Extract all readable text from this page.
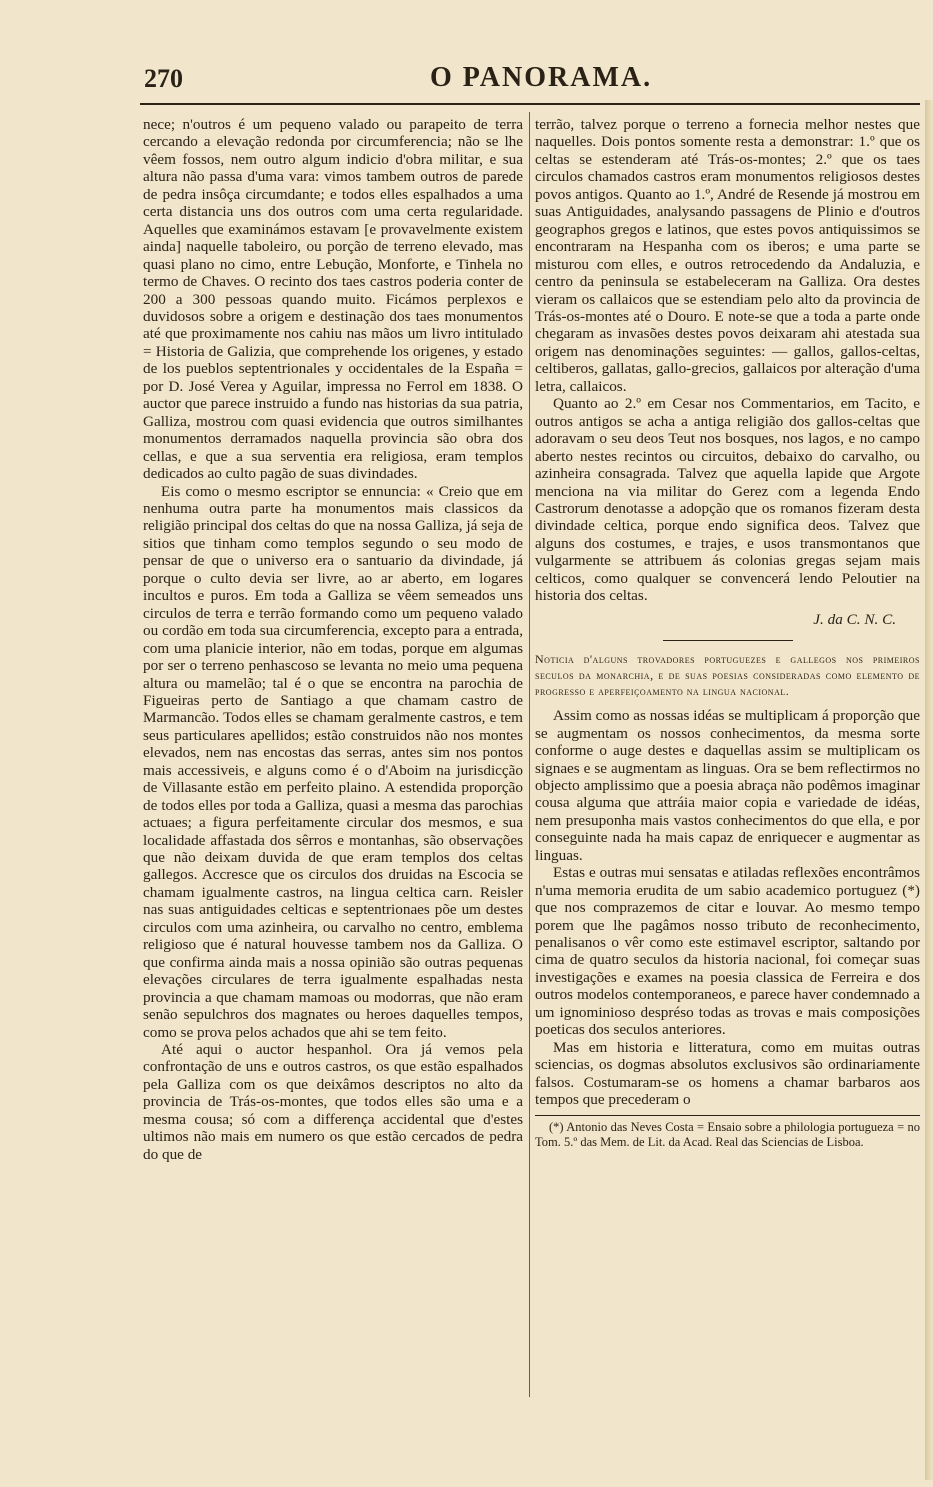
270	O PANORAMA.

nece; n'outros é um pequeno valado ou parapeito de terra cercando a elevação redonda por circumferencia; não se lhe vêem fossos, nem outro algum indicio d'obra militar, e sua altura não passa d'uma vara: vimos tambem outros de parede de pedra insôça circumdante; e todos elles espalhados a uma certa distancia uns dos outros com uma certa regularidade. Aquelles que examinámos estavam [e provavelmente existem ainda] naquelle taboleiro, ou porção de terreno elevado, mas quasi plano no cimo, entre Lebução, Monforte, e Tinhela no termo de Chaves. O recinto dos taes castros poderia conter de 200 a 300 pessoas quando muito. Ficámos perplexos e duvidosos sobre a origem e destinação dos taes monumentos até que proximamente nos cahiu nas mãos um livro intitulado = Historia de Galizia, que comprehende los origenes, y estado de los pueblos septentrionales y occidentales de la España = por D. José Verea y Aguilar, impressa no Ferrol em 1838. O auctor que parece instruido a fundo nas historias da sua patria, Galliza, mostrou com quasi evidencia que outros similhantes monumentos derramados naquella provincia são obra dos cellas, e que a sua serventia era religiosa, eram templos dedicados ao culto pagão de suas divindades.

Eis como o mesmo escriptor se ennuncia: « Creio que em nenhuma outra parte ha monumentos mais classicos da religião principal dos celtas do que na nossa Galliza, já seja de sitios que tinham como templos segundo o seu modo de pensar de que o universo era o santuario da divindade, já porque o culto devia ser livre, ao ar aberto, em logares incultos e puros. Em toda a Galliza se vêem semeados uns circulos de terra e terrão formando como um pequeno valado ou cordão em toda sua circumferencia, excepto para a entrada, com uma planicie interior, não em todas, porque em algumas por ser o terreno penhascoso se levanta no meio uma pequena altura ou mamelão; tal é o que se encontra na parochia de Figueiras perto de Santiago a que chamam castro de Marmancão. Todos elles se chamam geralmente castros, e tem seus particulares apellidos; estão construidos não nos montes elevados, nem nas encostas das serras, antes sim nos pontos mais accessiveis, e alguns como é o d'Aboim na jurisdicção de Villasante estão em perfeito plaino. A estendida proporção de todos elles por toda a Galliza, quasi a mesma das parochias actuaes; a figura perfeitamente circular dos mesmos, e sua localidade affastada dos sêrros e montanhas, são observações que não deixam duvida de que eram templos dos celtas gallegos. Accresce que os circulos dos druidas na Escocia se chamam igualmente castros, na lingua celtica carn. Reisler nas suas antiguidades celticas e septentrionaes põe um destes circulos com uma azinheira, ou carvalho no centro, emblema religioso que é natural houvesse tambem nos da Galliza. O que confirma ainda mais a nossa opinião são outras pequenas elevações circulares de terra igualmente espalhadas nesta provincia a que chamam mamoas ou modorras, que não eram senão sepulchros dos magnates ou heroes daquelles tempos, como se prova pelos achados que ahi se tem feito.

Até aqui o auctor hespanhol. Ora já vemos pela confrontação de uns e outros castros, os que estão espalhados pela Galliza com os que deixâmos descriptos no alto da provincia de Trás-os-montes, que todos elles são uma e a mesma cousa; só com a differença accidental que d'estes ultimos não mais em numero os que estão cercados de pedra do que de

terrão, talvez porque o terreno a fornecia melhor nestes que naquelles. Dois pontos somente resta a demonstrar: 1.º que os celtas se estenderam até Trás-os-montes; 2.º que os taes circulos chamados castros eram monumentos religiosos destes povos antigos. Quanto ao 1.º, André de Resende já mostrou em suas Antiguidades, analysando passagens de Plinio e d'outros geographos gregos e latinos, que estes povos antiquissimos se encontraram na Hespanha com os iberos; e uma parte se misturou com elles, e outros retrocedendo da Andaluzia, e centro da peninsula se estabeleceram na Galliza. Ora destes vieram os callaicos que se estendiam pelo alto da provincia de Trás-os-montes até o Douro. E note-se que a toda a parte onde chegaram as invasões destes povos deixaram ahi atestada sua origem nas denominações seguintes: — gallos, gallos-celtas, celtiberos, gallatas, gallo-grecios, gallaicos por alteração d'uma letra, callaicos.

Quanto ao 2.º em Cesar nos Commentarios, em Tacito, e outros antigos se acha a antiga religião dos gallos-celtas que adoravam o seu deos Teut nos bosques, nos lagos, e no campo aberto nestes recintos ou circuitos, debaixo do carvalho, ou azinheira consagrada. Talvez que aquella lapide que Argote menciona na via militar do Gerez com a legenda Endo Castrorum denotasse a adopção que os romanos fizeram desta divindade celtica, porque endo significa deos. Talvez que alguns dos costumes, e trajes, e usos transmontanos que vulgarmente se attribuem ás colonias gregas sejam mais celticos, como qualquer se convencerá lendo Peloutier na historia dos celtas.

J. da C. N. C.
Noticia d'alguns trovadores portuguezes e gallegos nos primeiros seculos da monarchia, e de suas poesias consideradas como elemento de progresso e aperfeiçoamento na lingua nacional.

Assim como as nossas idéas se multiplicam á proporção que se augmentam os nossos conhecimentos, da mesma sorte conforme o auge destes e daquellas assim se multiplicam os signaes e se augmentam as linguas. Ora se bem reflectirmos no objecto amplissimo que a poesia abraça não podêmos imaginar cousa alguma que attráia maior copia e variedade de idéas, nem presuponha mais vastos conhecimentos do que ella, e por conseguinte nada ha mais capaz de enriquecer e augmentar as linguas.

Estas e outras mui sensatas e atiladas reflexões encontrâmos n'uma memoria erudita de um sabio academico portuguez (*) que nos comprazemos de citar e louvar. Ao mesmo tempo porem que lhe pagâmos nosso tributo de reconhecimento, penalisanos o vêr como este estimavel escriptor, saltando por cima de quatro seculos da historia nacional, foi começar suas investigações e exames na poesia classica de Ferreira e dos outros modelos contemporaneos, e parece haver condemnado a um ignominioso despréso todas as trovas e mais composições poeticas dos seculos anteriores.

Mas em historia e litteratura, como em muitas outras sciencias, os dogmas absolutos exclusivos são ordinariamente falsos. Costumaram-se os homens a chamar barbaros aos tempos que precederam o

(*) Antonio das Neves Costa = Ensaio sobre a philologia portugueza = no Tom. 5.º das Mem. de Lit. da Acad. Real das Sciencias de Lisboa.
